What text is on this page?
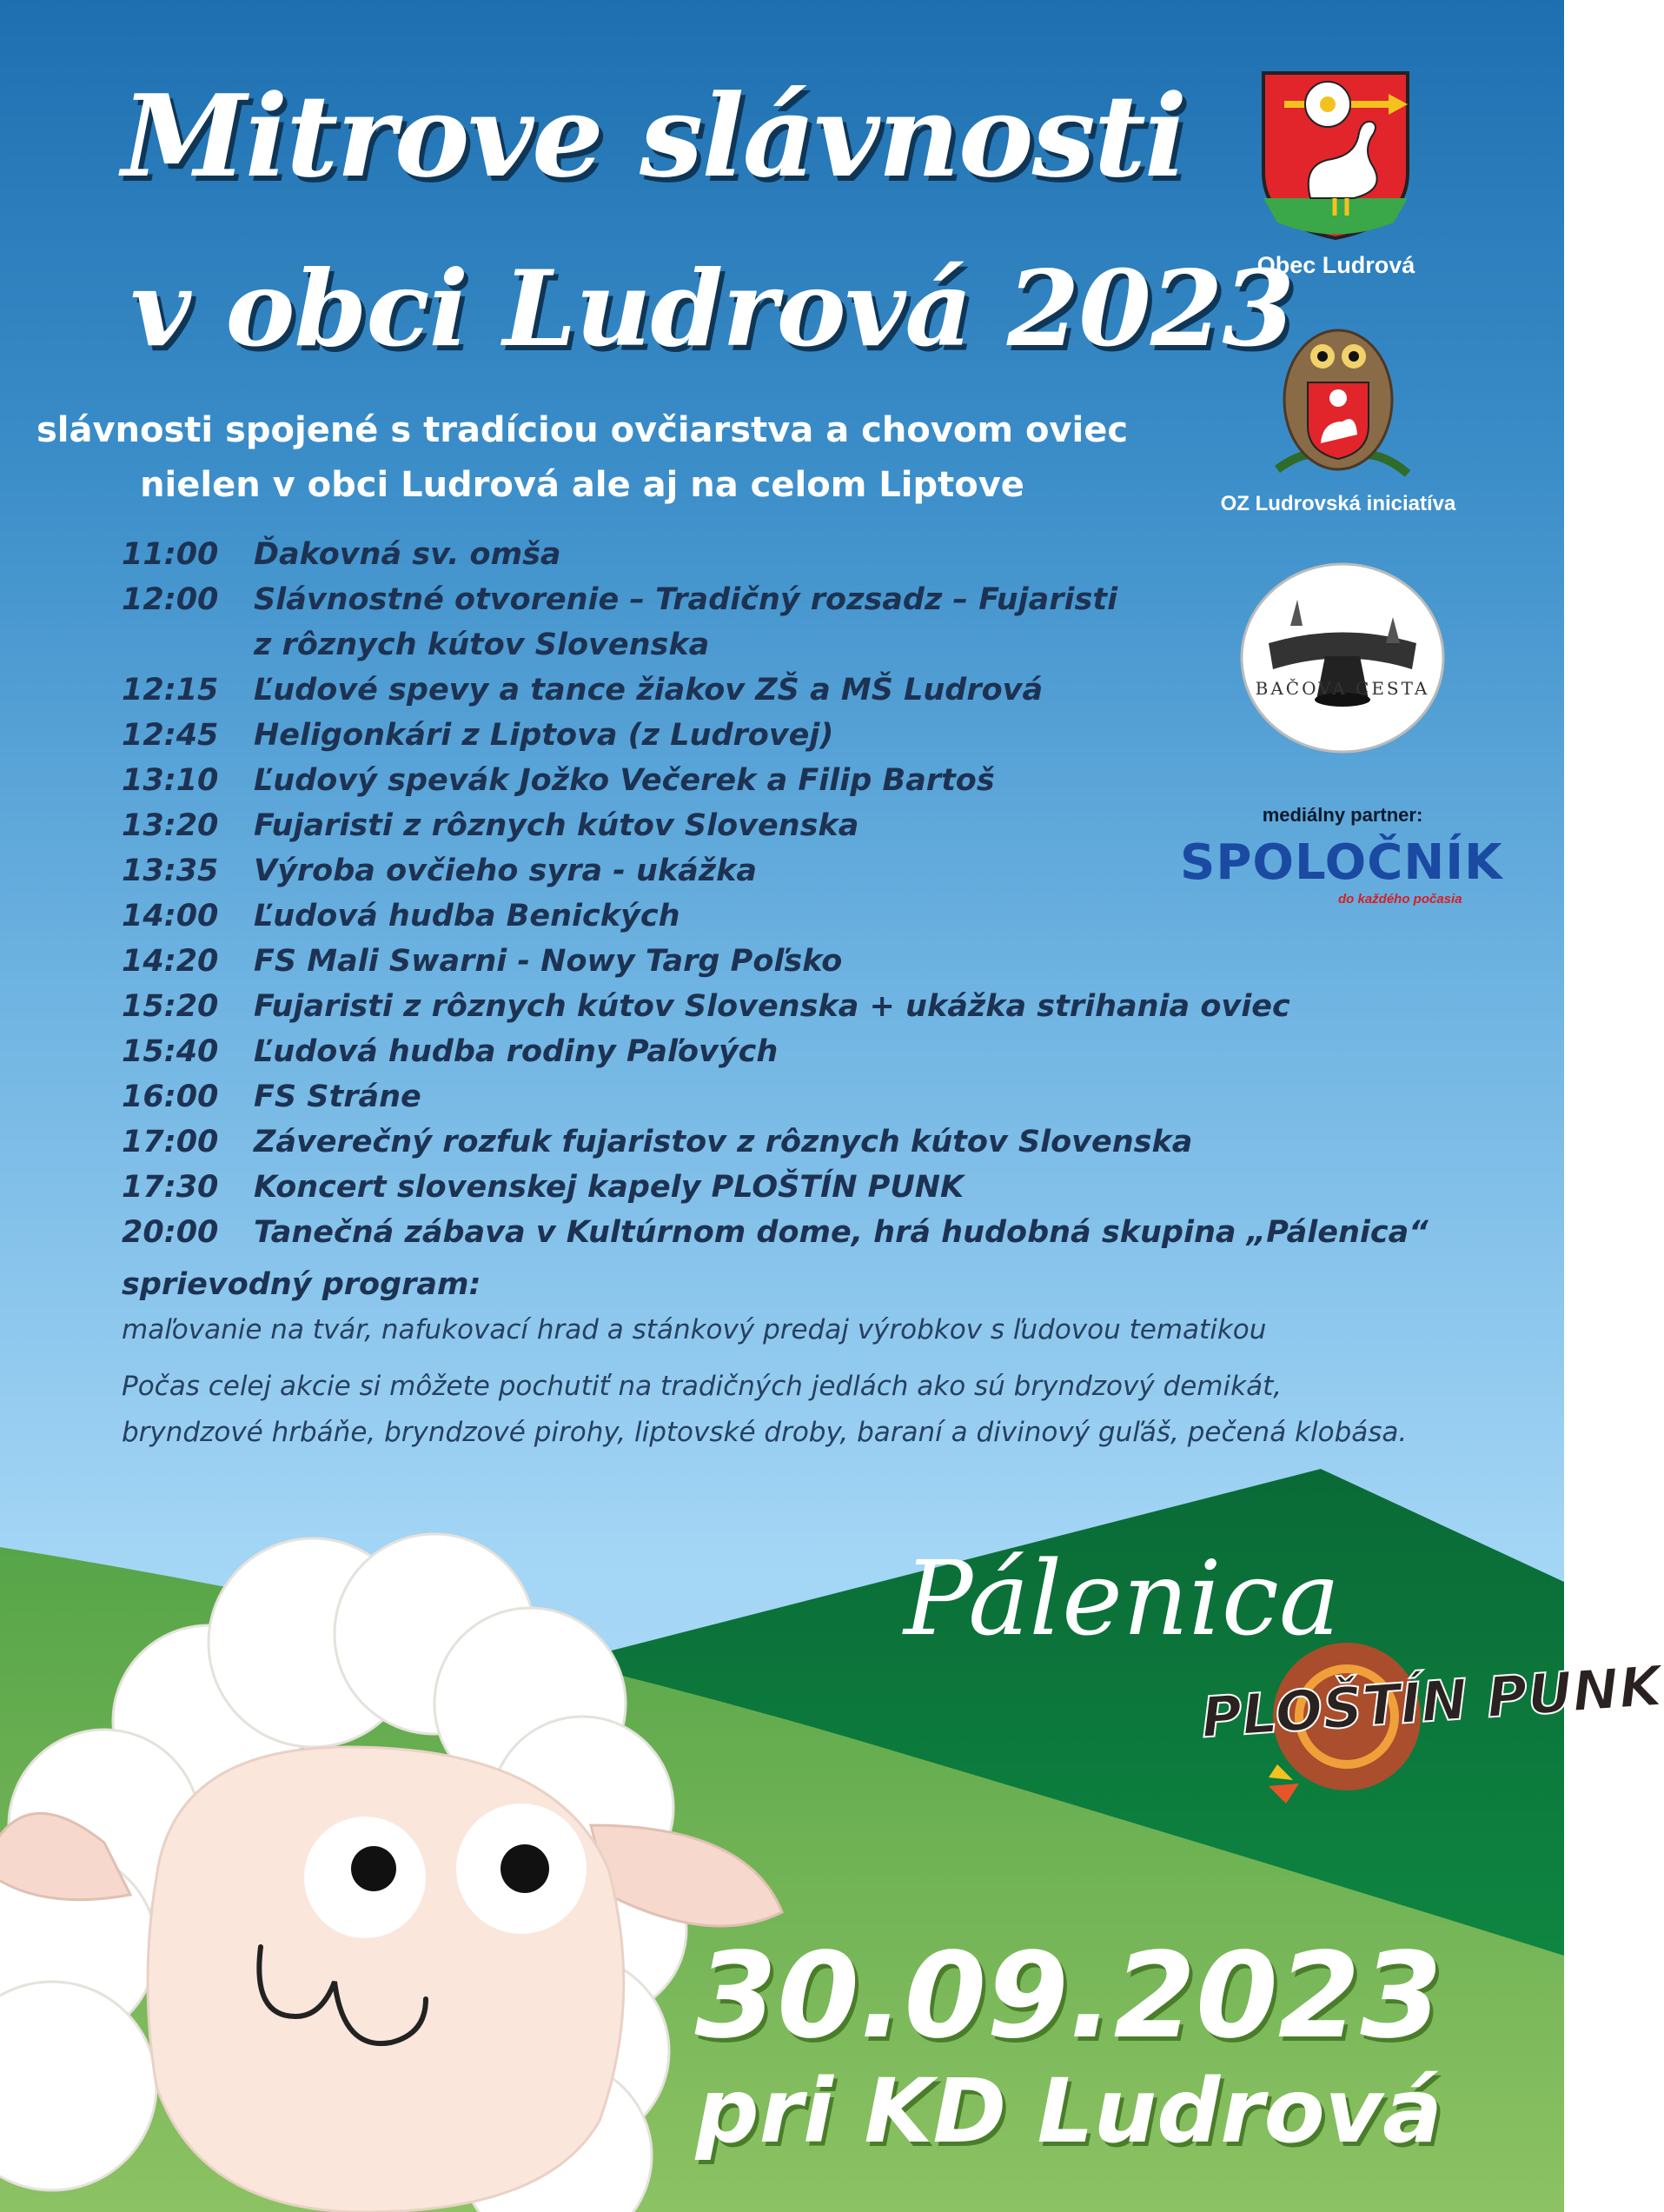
Mitrove slávnosti
v obci Ludrová 2023
slávnosti spojené s tradíciou ovčiarstva a chovom oviec
nielen v obci Ludrová ale aj na celom Liptove
11:00	Ďakovná sv. omša
12:00	Slávnostné otvorenie – Tradičný rozsadz – Fujaristi
z rôznych kútov Slovenska
12:15	Ľudové spevy a tance žiakov ZŠ a MŠ Ludrová
12:45	Heligonkári z Liptova (z Ludrovej)
13:10	Ľudový spevák Jožko Večerek a Filip Bartoš
13:20	Fujaristi z rôznych kútov Slovenska
13:35	Výroba ovčieho syra - ukážka
14:00	Ľudová hudba Benických
14:20	FS Mali Swarni - Nowy Targ Poľsko
15:20	Fujaristi z rôznych kútov Slovenska + ukážka strihania oviec
15:40	Ľudová hudba rodiny Paľových
16:00	FS Stráne
17:00	Záverečný rozfuk fujaristov z rôznych kútov Slovenska
17:30	Koncert slovenskej kapely PLOŠTÍN PUNK
20:00	Tanečná zábava v Kultúrnom dome, hrá hudobná skupina „Pálenica“
sprievodný program:
maľovanie na tvár, nafukovací hrad a stánkový predaj výrobkov s ľudovou tematikou
Počas celej akcie si môžete pochutiť na tradičných jedlách ako sú bryndzový demikát,
bryndzové hrbáňe, bryndzové pirohy, liptovské droby, baraní a divinový guľáš, pečená klobása.
Obec Ludrová
OZ Ludrovská iniciatíva
BAČOVA CESTA
mediálny partner:
SPOLOČNÍK
do každého počasia
Pálenica
PLOŠTÍN PUNK
30.09.2023
pri KD Ludrová
